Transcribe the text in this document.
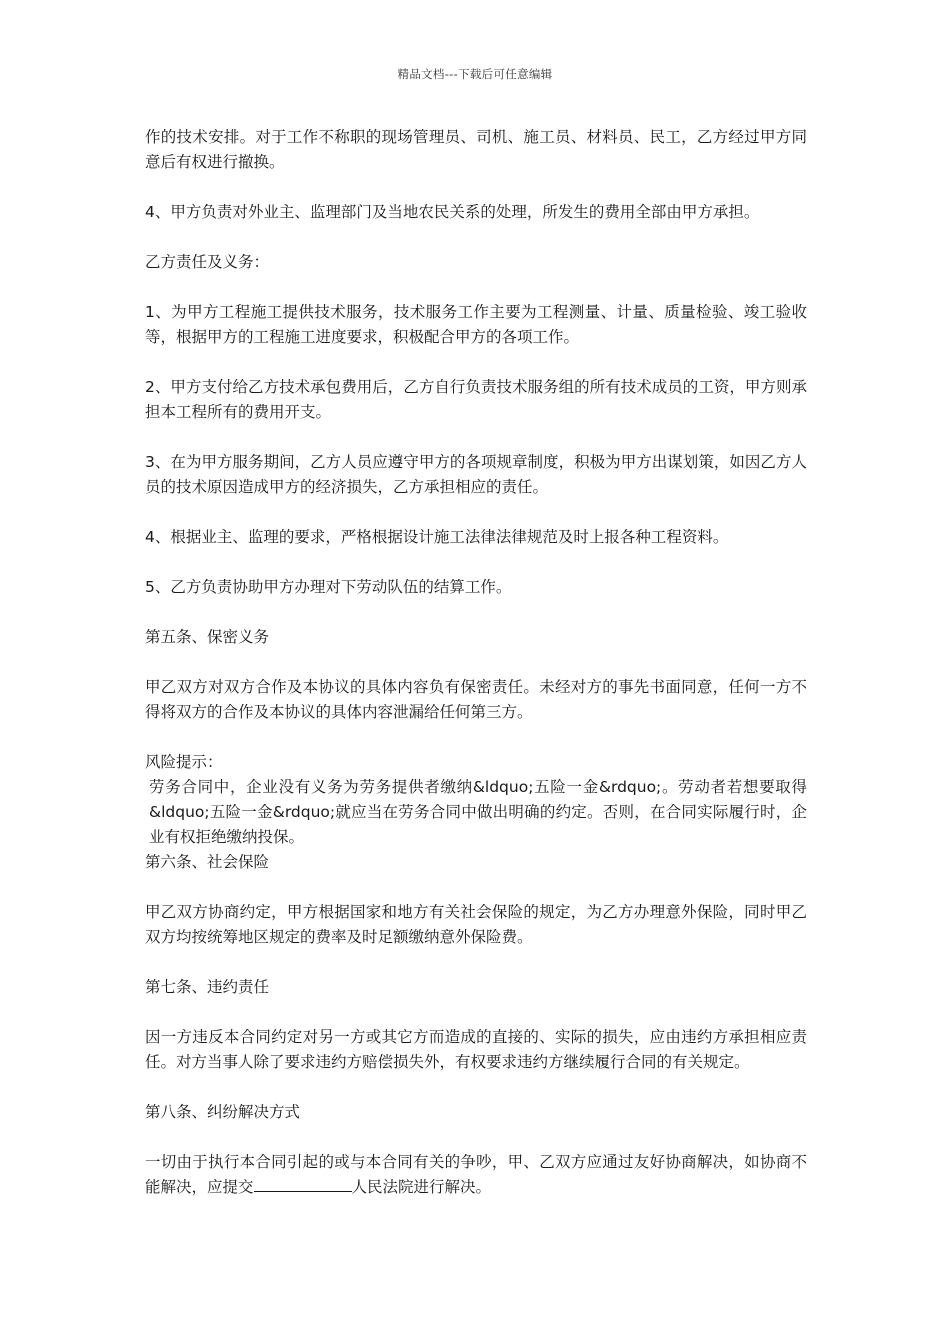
精品文档---下载后可任意编辑

作的技术安排。对于工作不称职的现场管理员、司机、施工员、材料员、民工，乙方经过甲方同意后有权进行撤换。

4、甲方负责对外业主、监理部门及当地农民关系的处理，所发生的费用全部由甲方承担。

乙方责任及义务：

1、为甲方工程施工提供技术服务，技术服务工作主要为工程测量、计量、质量检验、竣工验收等，根据甲方的工程施工进度要求，积极配合甲方的各项工作。

2、甲方支付给乙方技术承包费用后，乙方自行负责技术服务组的所有技术成员的工资，甲方则承担本工程所有的费用开支。

3、在为甲方服务期间，乙方人员应遵守甲方的各项规章制度，积极为甲方出谋划策，如因乙方人员的技术原因造成甲方的经济损失，乙方承担相应的责任。

4、根据业主、监理的要求，严格根据设计施工法律法律规范及时上报各种工程资料。

5、乙方负责协助甲方办理对下劳动队伍的结算工作。

第五条、保密义务

甲乙双方对双方合作及本协议的具体内容负有保密责任。未经对方的事先书面同意，任何一方不得将双方的合作及本协议的具体内容泄漏给任何第三方。

风险提示：

劳务合同中，企业没有义务为劳务提供者缴纳&ldquo;五险一金&rdquo;。劳动者若想要取得&ldquo;五险一金&rdquo;就应当在劳务合同中做出明确的约定。否则，在合同实际履行时，企业有权拒绝缴纳投保。

第六条、社会保险

甲乙双方协商约定，甲方根据国家和地方有关社会保险的规定，为乙方办理意外保险，同时甲乙双方均按统筹地区规定的费率及时足额缴纳意外保险费。

第七条、违约责任

因一方违反本合同约定对另一方或其它方而造成的直接的、实际的损失，应由违约方承担相应责任。对方当事人除了要求违约方赔偿损失外，有权要求违约方继续履行合同的有关规定。

第八条、纠纷解决方式

一切由于执行本合同引起的或与本合同有关的争吵，甲、乙双方应通过友好协商解决，如协商不能解决，应提交	人民法院进行解决。
